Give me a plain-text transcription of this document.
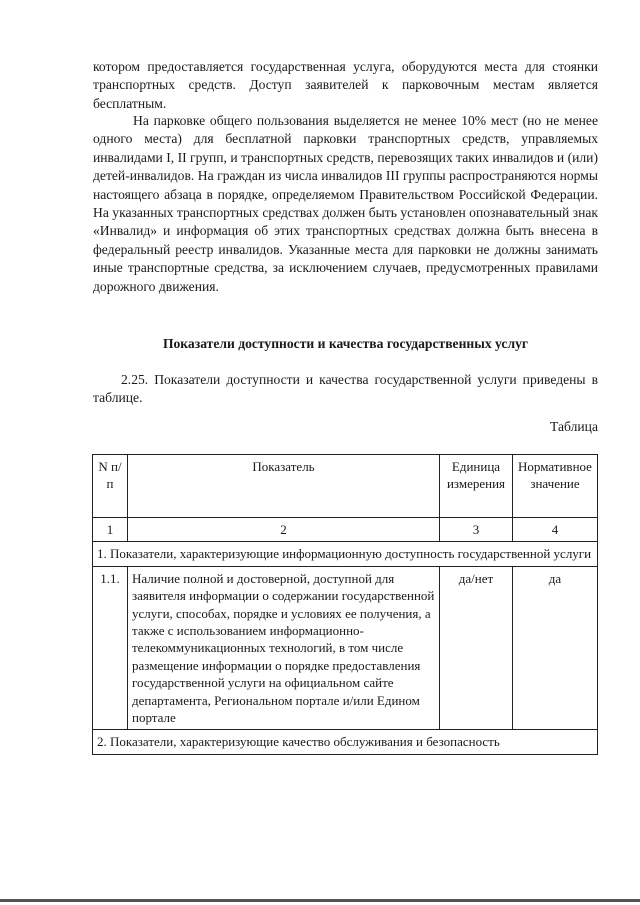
котором предоставляется государственная услуга, оборудуются места для стоянки транспортных средств. Доступ заявителей к парковочным местам является бесплатным.

На парковке общего пользования выделяется не менее 10% мест (но не менее одного места) для бесплатной парковки транспортных средств, управляемых инвалидами I, II групп, и транспортных средств, перевозящих таких инвалидов и (или) детей-инвалидов. На граждан из числа инвалидов III группы распространяются нормы настоящего абзаца в порядке, определяемом Правительством Российской Федерации. На указанных транспортных средствах должен быть установлен опознавательный знак «Инвалид» и информация об этих транспортных средствах должна быть внесена в федеральный реестр инвалидов. Указанные места для парковки не должны занимать иные транспортные средства, за исключением случаев, предусмотренных правилами дорожного движения.

Показатели доступности и качества государственных услуг

2.25. Показатели доступности и качества государственной услуги приведены в таблице.

Таблица
N п/п	Показатель	Единица измерения	Нормативное значение
1	2	3	4
1. Показатели, характеризующие информационную доступность государственной услуги			
1.1.	Наличие полной и достоверной, доступной для заявителя информации о содержании государственной услуги, способах, порядке и условиях ее получения, а также с использованием информационно-телекоммуникационных технологий, в том числе размещение информации о порядке предоставления государственной услуги на официальном сайте департамента, Региональном портале и/или Едином портале	да/нет	да
2. Показатели, характеризующие качество обслуживания и безопасность			
